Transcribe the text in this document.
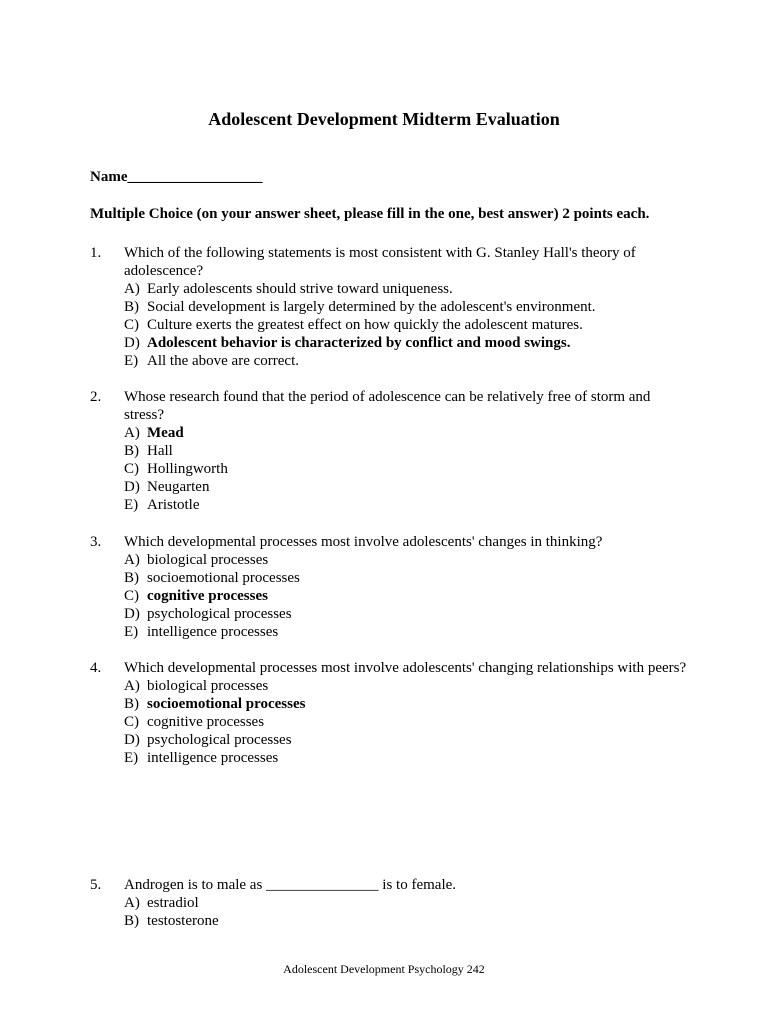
Adolescent Development Midterm Evaluation
Name__________________
Multiple Choice (on your answer sheet, please fill in the one, best answer) 2 points each.
1. Which of the following statements is most consistent with G. Stanley Hall's theory of adolescence?
A) Early adolescents should strive toward uniqueness.
B) Social development is largely determined by the adolescent's environment.
C) Culture exerts the greatest effect on how quickly the adolescent matures.
D) Adolescent behavior is characterized by conflict and mood swings.
E) All the above are correct.
2. Whose research found that the period of adolescence can be relatively free of storm and stress?
A) Mead
B) Hall
C) Hollingworth
D) Neugarten
E) Aristotle
3. Which developmental processes most involve adolescents' changes in thinking?
A) biological processes
B) socioemotional processes
C) cognitive processes
D) psychological processes
E) intelligence processes
4. Which developmental processes most involve adolescents' changing relationships with peers?
A) biological processes
B) socioemotional processes
C) cognitive processes
D) psychological processes
E) intelligence processes
5. Androgen is to male as _______________ is to female.
A) estradiol
B) testosterone
Adolescent Development Psychology 242
